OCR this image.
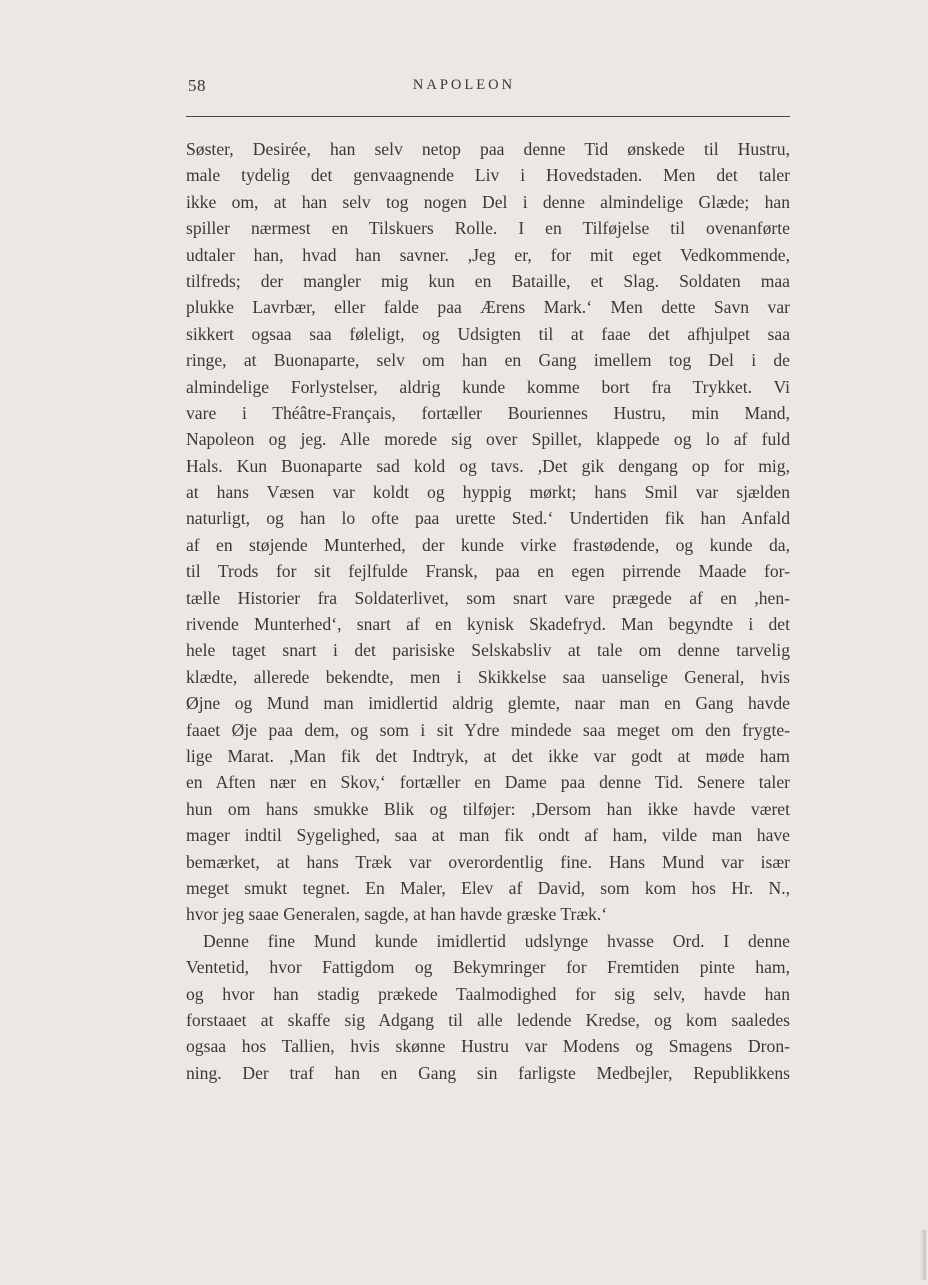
58	NAPOLEON
Søster, Desirée, han selv netop paa denne Tid ønskede til Hustru,
male tydelig det genvaagnende Liv i Hovedstaden. Men det taler
ikke om, at han selv tog nogen Del i denne almindelige Glæde; han
spiller nærmest en Tilskuers Rolle. I en Tilføjelse til ovenanførte
udtaler han, hvad han savner. ,Jeg er, for mit eget Vedkommende,
tilfreds; der mangler mig kun en Bataille, et Slag. Soldaten maa
plukke Lavrbær, eller falde paa Ærens Mark.‘ Men dette Savn var
sikkert ogsaa saa føleligt, og Udsigten til at faae det afhjulpet saa
ringe, at Buonaparte, selv om han en Gang imellem tog Del i de
almindelige Forlystelser, aldrig kunde komme bort fra Trykket. Vi
vare i Théâtre-Français, fortæller Bouriennes Hustru, min Mand,
Napoleon og jeg. Alle morede sig over Spillet, klappede og lo af fuld
Hals. Kun Buonaparte sad kold og tavs. ,Det gik dengang op for mig,
at hans Væsen var koldt og hyppig mørkt; hans Smil var sjælden
naturligt, og han lo ofte paa urette Sted.‘ Undertiden fik han Anfald
af en støjende Munterhed, der kunde virke frastødende, og kunde da,
til Trods for sit fejlfulde Fransk, paa en egen pirrende Maade for-
tælle Historier fra Soldaterlivet, som snart vare prægede af en ,hen-
rivende Munterhed‘, snart af en kynisk Skadefryd. Man begyndte i det
hele taget snart i det parisiske Selskabsliv at tale om denne tarvelig
klædte, allerede bekendte, men i Skikkelse saa uanselige General, hvis
Øjne og Mund man imidlertid aldrig glemte, naar man en Gang havde
faaet Øje paa dem, og som i sit Ydre mindede saa meget om den frygte-
lige Marat. ,Man fik det Indtryk, at det ikke var godt at møde ham
en Aften nær en Skov,‘ fortæller en Dame paa denne Tid. Senere taler
hun om hans smukke Blik og tilføjer: ,Dersom han ikke havde været
mager indtil Sygelighed, saa at man fik ondt af ham, vilde man have
bemærket, at hans Træk var overordentlig fine. Hans Mund var især
meget smukt tegnet. En Maler, Elev af David, som kom hos Hr. N.,
hvor jeg saae Generalen, sagde, at han havde græske Træk.‘
Denne fine Mund kunde imidlertid udslynge hvasse Ord. I denne
Ventetid, hvor Fattigdom og Bekymringer for Fremtiden pinte ham,
og hvor han stadig prækede Taalmodighed for sig selv, havde han
forstaaet at skaffe sig Adgang til alle ledende Kredse, og kom saaledes
ogsaa hos Tallien, hvis skønne Hustru var Modens og Smagens Dron-
ning. Der traf han en Gang sin farligste Medbejler, Republikkens
